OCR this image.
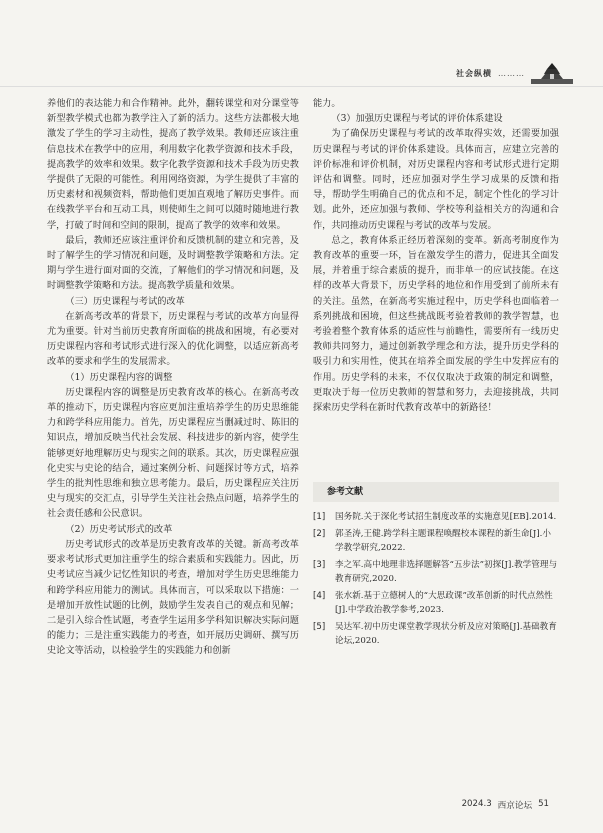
社会纵横 ………

养他们的表达能力和合作精神。此外，翻转课堂和对分课堂等新型教学模式也都为教学注入了新的活力。这些方法都极大地激发了学生的学习主动性，提高了教学效果。教师还应该注重信息技术在教学中的应用，利用数字化教学资源和技术手段，提高教学的效率和效果。数字化教学资源和技术手段为历史教学提供了无限的可能性。利用网络资源，为学生提供了丰富的历史素材和视频资料，帮助他们更加直观地了解历史事件。而在线教学平台和互动工具，则使师生之间可以随时随地进行教学，打破了时间和空间的限制，提高了教学的效率和效果。

最后，教师还应该注重评价和反馈机制的建立和完善，及时了解学生的学习情况和问题，及时调整教学策略和方法。定期与学生进行面对面的交流，了解他们的学习情况和问题，及时调整教学策略和方法。提高教学质量和效果。

（三）历史课程与考试的改革

在新高考改革的背景下，历史课程与考试的改革方向显得尤为重要。针对当前历史教育所面临的挑战和困境，有必要对历史课程内容和考试形式进行深入的优化调整，以适应新高考改革的要求和学生的发展需求。

（1）历史课程内容的调整

历史课程内容的调整是历史教育改革的核心。在新高考改革的推动下，历史课程内容应更加注重培养学生的历史思维能力和跨学科应用能力。首先，历史课程应当删减过时、陈旧的知识点，增加反映当代社会发展、科技进步的新内容，使学生能够更好地理解历史与现实之间的联系。其次，历史课程应强化史实与史论的结合，通过案例分析、问题探讨等方式，培养学生的批判性思维和独立思考能力。最后，历史课程应关注历史与现实的交汇点，引导学生关注社会热点问题，培养学生的社会责任感和公民意识。

（2）历史考试形式的改革

历史考试形式的改革是历史教育改革的关键。新高考改革要求考试形式更加注重学生的综合素质和实践能力。因此，历史考试应当减少记忆性知识的考查，增加对学生历史思维能力和跨学科应用能力的测试。具体而言，可以采取以下措施：一是增加开放性试题的比例，鼓励学生发表自己的观点和见解；二是引入综合性试题，考查学生运用多学科知识解决实际问题的能力；三是注重实践能力的考查，如开展历史调研、撰写历史论文等活动，以检验学生的实践能力和创新

能力。

（3）加强历史课程与考试的评价体系建设

为了确保历史课程与考试的改革取得实效，还需要加强历史课程与考试的评价体系建设。具体而言，应建立完善的评价标准和评价机制，对历史课程内容和考试形式进行定期评估和调整。同时，还应加强对学生学习成果的反馈和指导，帮助学生明确自己的优点和不足，制定个性化的学习计划。此外，还应加强与教师、学校等利益相关方的沟通和合作，共同推动历史课程与考试的改革与发展。

总之，教育体系正经历着深刻的变革。新高考制度作为教育改革的重要一环，旨在激发学生的潜力，促进其全面发展，并着重于综合素质的提升，而非单一的应试技能。在这样的改革大背景下，历史学科的地位和作用受到了前所未有的关注。虽然，在新高考实施过程中，历史学科也面临着一系列挑战和困境，但这些挑战既考验着教师的教学智慧，也考验着整个教育体系的适应性与前瞻性，需要所有一线历史教师共同努力，通过创新教学理念和方法，提升历史学科的吸引力和实用性，使其在培养全面发展的学生中发挥应有的作用。历史学科的未来，不仅仅取决于政策的制定和调整，更取决于每一位历史教师的智慧和努力，去迎接挑战，共同探索历史学科在新时代教育改革中的新路径！

参考文献
[1]	国务院.关于深化考试招生制度改革的实施意见[EB].2014.
[2]	郭圣涛,王健.跨学科主题课程唤醒校本课程的新生命[J].小学教学研究,2022.
[3]	李之军.高中地理非选择题解答“五步法”初探[J].教学管理与教育研究,2020.
[4]	张水新.基于立德树人的“大思政课”改革创新的时代点然性[J].中学政治教学参考,2023.
[5]	吴达军.初中历史课堂教学现状分析及应对策略[J].基础教育论坛,2020.
2024.3 西京论坛 51
